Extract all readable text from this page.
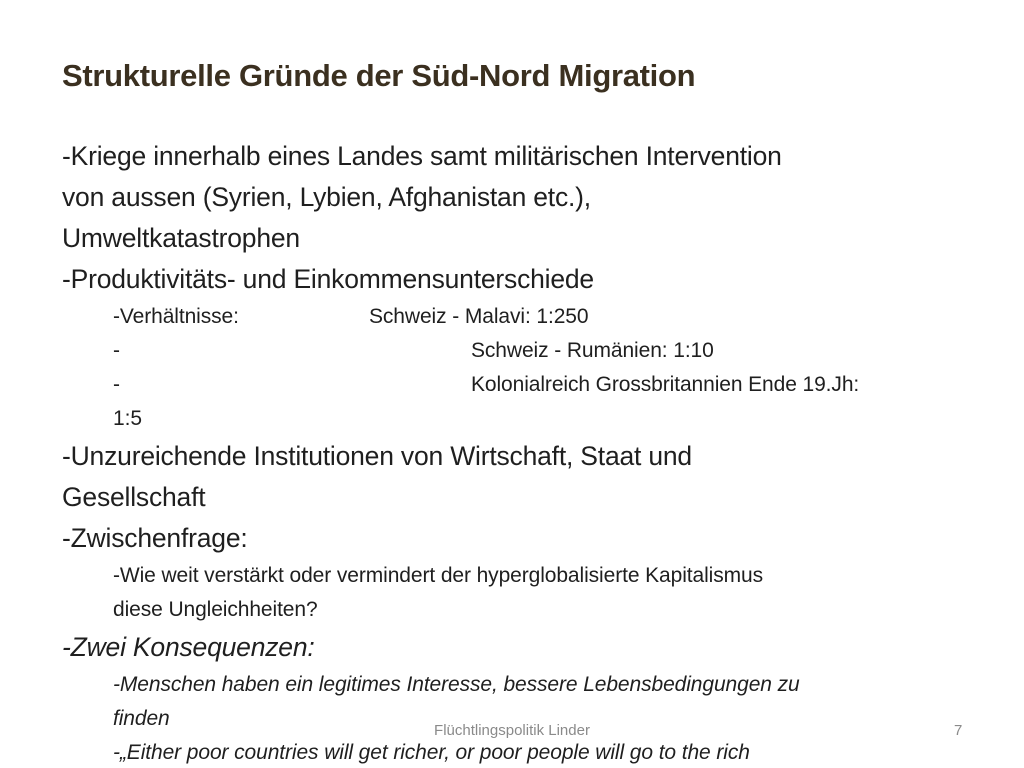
Strukturelle Gründe der Süd-Nord Migration

-Kriege innerhalb eines Landes samt militärischen Intervention

von aussen (Syrien, Lybien, Afghanistan etc.),

Umweltkatastrophen

-Produktivitäts- und Einkommensunterschiede

-Verhältnisse:	Schweiz - Malavi: 1:250
-	Schweiz - Rumänien: 1:10
-	Kolonialreich Grossbritannien Ende 19.Jh:

1:5

-Unzureichende Institutionen von Wirtschaft, Staat und

Gesellschaft

-Zwischenfrage:

-Wie weit verstärkt oder vermindert der hyperglobalisierte Kapitalismus

diese Ungleichheiten?

-Zwei Konsequenzen:

-Menschen haben ein legitimes Interesse, bessere Lebensbedingungen zu

finden

-„Either poor countries will get richer, or poor people will go to the rich

Flüchtlingspolitik Linder	7
